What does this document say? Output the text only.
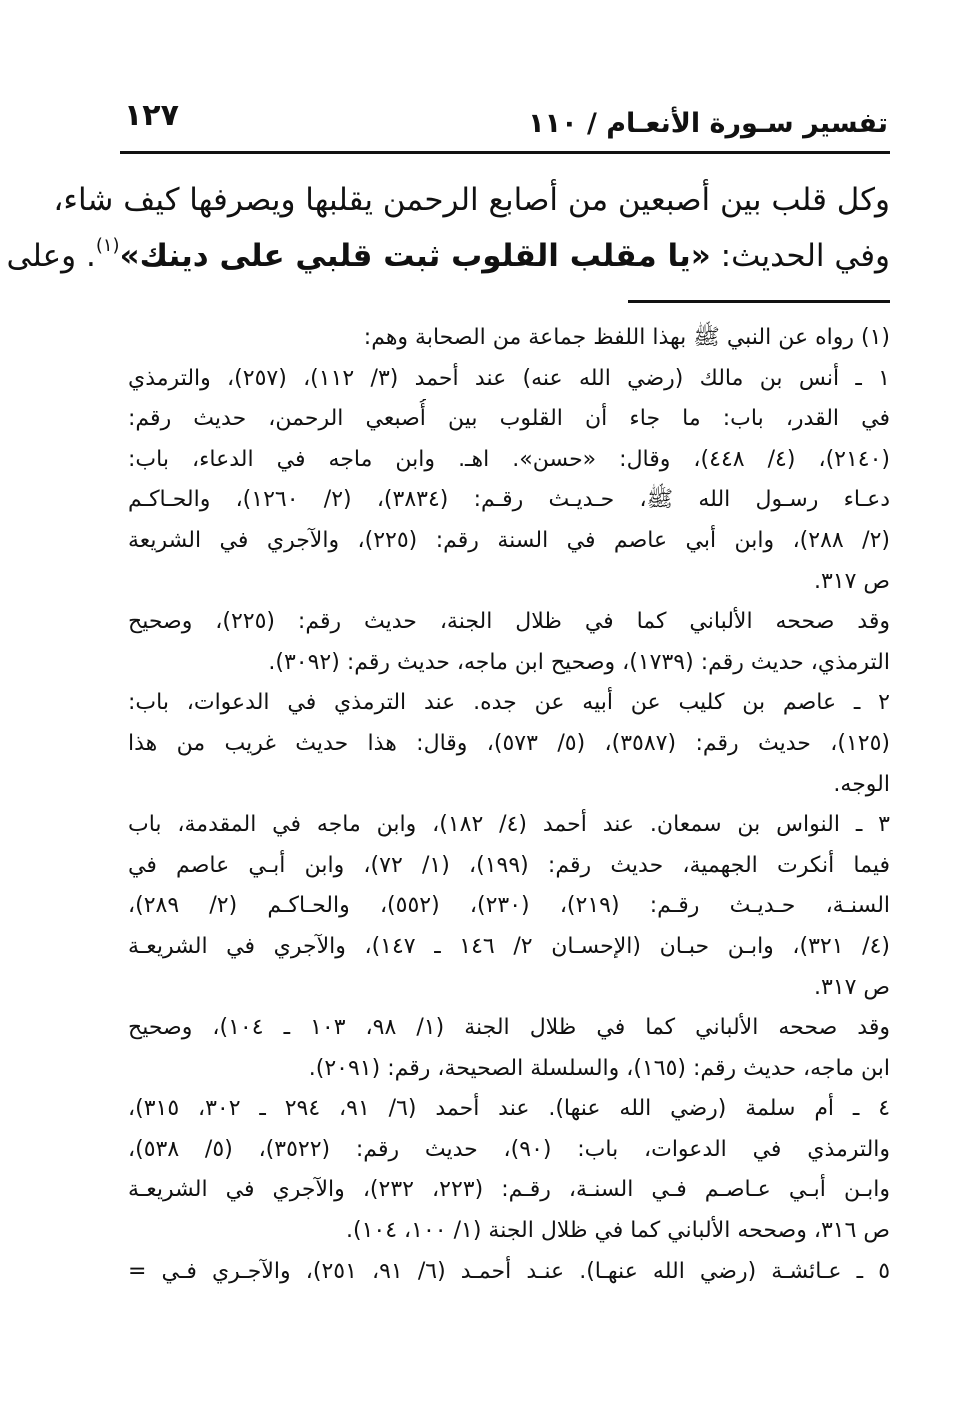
تفسير سـورة الأنعـام / ١١٠
١٢٧
وكل قلب بين أصبعين من أصابع الرحمن يقلبها ويصرفها كيف شاء،
وفي الحديث: «يا مقلب القلوب ثبت قلبي على دينك»$^{(١)}$. وعلى
(١) رواه عن النبي ﷺ بهذا اللفظ جماعة من الصحابة وهم:
١ ـ أنس بن مالك (رضي الله عنه) عند أحمد (٣/ ١١٢)، (٢٥٧)، والترمذي
في القدر، باب: ما جاء أن القلوب بين أُصبعي الرحمن، حديث رقم:
(٢١٤٠)، (٤/ ٤٤٨)، وقال: «حسن». اهـ. وابن ماجه في الدعاء، باب:
دعـاء رسـول الله ﷺ، حـديـث رقـم: (٣٨٣٤)، (٢/ ١٢٦٠)، والحـاكـم
(٢/ ٢٨٨)، وابن أبي عاصم في السنة رقم: (٢٢٥)، والآجري في الشريعة
ص ٣١٧.
وقد صححه الألباني كما في ظلال الجنة، حديث رقم: (٢٢٥)، وصحيح
الترمذي، حديث رقم: (١٧٣٩)، وصحيح ابن ماجه، حديث رقم: (٣٠٩٢).
٢ ـ عاصم بن كليب عن أبيه عن جده. عند الترمذي في الدعوات، باب:
(١٢٥)، حديث رقم: (٣٥٨٧)، (٥/ ٥٧٣)، وقال: هذا حديث غريب من هذا
الوجه.
٣ ـ النواس بن سمعان. عند أحمد (٤/ ١٨٢)، وابن ماجه في المقدمة، باب
فيما أنكرت الجهمية، حديث رقم: (١٩٩)، (١/ ٧٢)، وابن أبـي عاصم في
السنـة، حـديـث رقـم: (٢١٩)، (٢٣٠)، (٥٥٢)، والحـاكـم (٢/ ٢٨٩)،
(٤/ ٣٢١)، وابـن حبـان (الإحسـان ٢/ ١٤٦ ـ ١٤٧)، والآجري في الشريعـة
ص ٣١٧.
وقد صححه الألباني كما في ظلال الجنة (١/ ٩٨، ١٠٣ ـ ١٠٤)، وصحيح
ابن ماجه، حديث رقم: (١٦٥)، والسلسلة الصحيحة، رقم: (٢٠٩١).
٤ ـ أم سلمة (رضي الله عنها). عند أحمد (٦/ ٩١، ٢٩٤ ـ ٣٠٢، ٣١٥)،
والترمذي في الدعوات، باب: (٩٠)، حديث رقم: (٣٥٢٢)، (٥/ ٥٣٨)،
وابـن أبـي عـاصـم فـي السنـة، رقـم: (٢٢٣، ٢٣٢)، والآجري في الشريعـة
ص ٣١٦، وصححه الألباني كما في ظلال الجنة (١/ ١٠٠، ١٠٤).
٥ ـ عـائشـة (رضي الله عنهـا). عنـد أحمـد (٦/ ٩١، ٢٥١)، والآجـري فـي =
